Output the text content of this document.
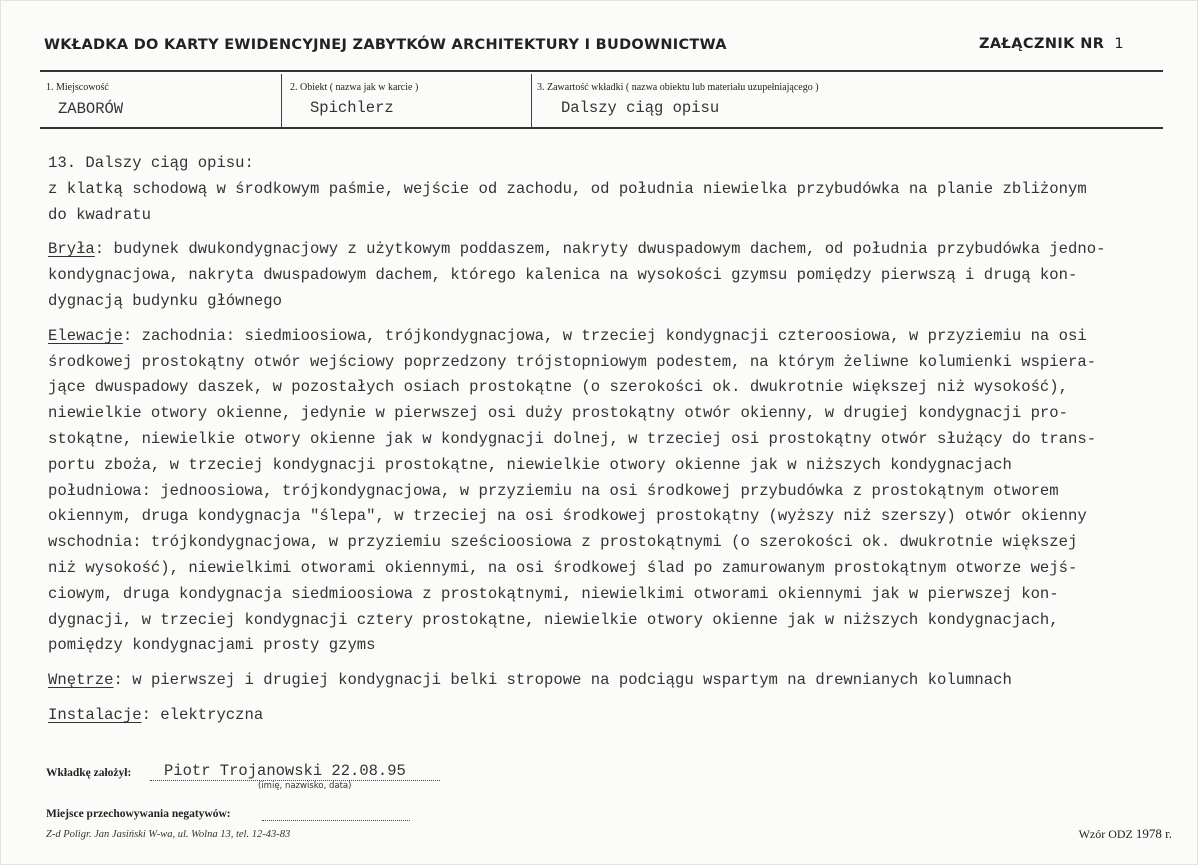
WKŁADKA DO KARTY EWIDENCYJNEJ ZABYTKÓW ARCHITEKTURY I BUDOWNICTWA	ZAŁĄCZNIK NR 1
1. Miejscowość
ZABORÓW
2. Obiekt ( nazwa jak w karcie )
Spichlerz
3. Zawartość wkładki ( nazwa obiektu lub materiału uzupełniającego )
Dalszy ciąg opisu
13. Dalszy ciąg opisu:
z klatką schodową w środkowym paśmie, wejście od zachodu, od południa niewielka przybudówka na planie zbliżonym
do kwadratu
Bryła: budynek dwukondygnacjowy z użytkowym poddaszem, nakryty dwuspadowym dachem, od południa przybudówka jedno-
kondygnacjowa, nakryta dwuspadowym dachem, którego kalenica na wysokości gzymsu pomiędzy pierwszą i drugą kon-
dygnacją budynku głównego
Elewacje: zachodnia: siedmioosiowa, trójkondygnacjowa, w trzeciej kondygnacji czteroosiowa, w przyziemiu na osi
środkowej prostokątny otwór wejściowy poprzedzony trójstopniowym podestem, na którym żeliwne kolumienki wspiera-
jące dwuspadowy daszek, w pozostałych osiach prostokątne (o szerokości ok. dwukrotnie większej niż wysokość),
niewielkie otwory okienne, jedynie w pierwszej osi duży prostokątny otwór okienny, w drugiej kondygnacji pro-
stokątne, niewielkie otwory okienne jak w kondygnacji dolnej, w trzeciej osi prostokątny otwór służący do trans-
portu zboża, w trzeciej kondygnacji prostokątne, niewielkie otwory okienne jak w niższych kondygnacjach
południowa: jednoosiowa, trójkondygnacjowa, w przyziemiu na osi środkowej przybudówka z prostokątnym otworem
okiennym, druga kondygnacja "ślepa", w trzeciej na osi środkowej prostokątny (wyższy niż szerszy) otwór okienny
wschodnia: trójkondygnacjowa, w przyziemiu sześcioosiowa z prostokątnymi (o szerokości ok. dwukrotnie większej
niż wysokość), niewielkimi otworami okiennymi, na osi środkowej ślad po zamurowanym prostokątnym otworze wejś-
ciowym, druga kondygnacja siedmioosiowa z prostokątnymi, niewielkimi otworami okiennymi jak w pierwszej kon-
dygnacji, w trzeciej kondygnacji cztery prostokątne, niewielkie otwory okienne jak w niższych kondygnacjach,
pomiędzy kondygnacjami prosty gzyms
Wnętrze: w pierwszej i drugiej kondygnacji belki stropowe na podciągu wspartym na drewnianych kolumnach
Instalacje: elektryczna
Wkładkę założył: Piotr Trojanowski 22.08.95
(imię, nazwisko, data)
Miejsce przechowywania negatywów:
Z-d Poligr. Jan Jasiński W-wa, ul. Wolna 13, tel. 12-43-83	Wzór ODZ 1978 r.
